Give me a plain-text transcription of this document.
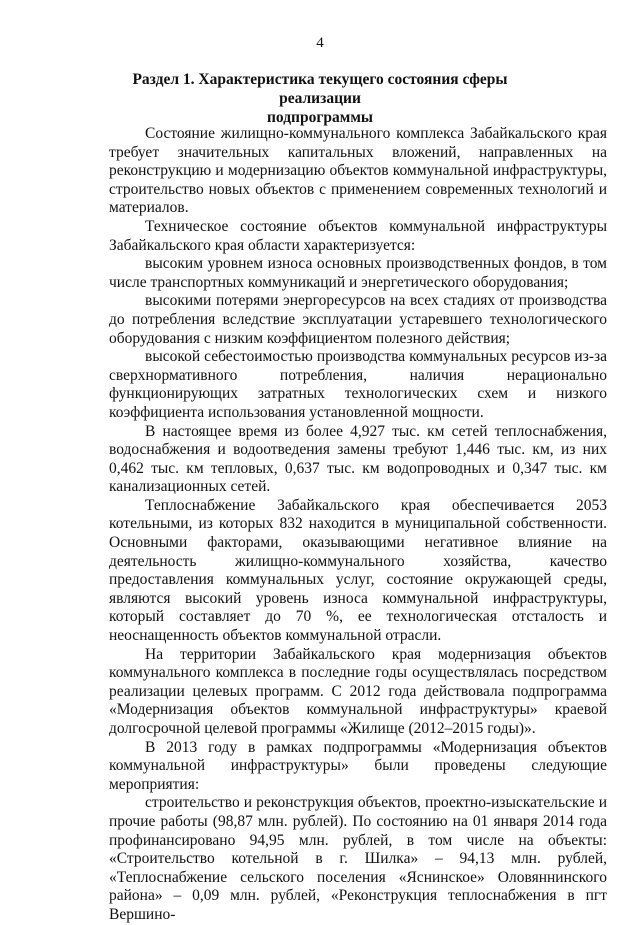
4
Раздел 1. Характеристика текущего состояния сферы реализации
подпрограммы

Состояние жилищно-коммунального комплекса Забайкальского края требует значительных капитальных вложений, направленных на реконструкцию и модернизацию объектов коммунальной инфраструктуры, строительство новых объектов с применением современных технологий и материалов.

Техническое состояние объектов коммунальной инфраструктуры Забайкальского края области характеризуется:

высоким уровнем износа основных производственных фондов, в том числе транспортных коммуникаций и энергетического оборудования;

высокими потерями энергоресурсов на всех стадиях от производства до потребления вследствие эксплуатации устаревшего технологического оборудования с низким коэффициентом полезного действия;

высокой себестоимостью производства коммунальных ресурсов из-за сверхнормативного потребления, наличия нерационально функционирующих затратных технологических схем и низкого коэффициента использования установленной мощности.

В настоящее время из более 4,927 тыс. км сетей теплоснабжения, водоснабжения и водоотведения замены требуют 1,446 тыс. км, из них 0,462 тыс. км тепловых, 0,637 тыс. км водопроводных и 0,347 тыс. км канализационных сетей.

Теплоснабжение Забайкальского края обеспечивается 2053 котельными, из которых 832 находится в муниципальной собственности. Основными факторами, оказывающими негативное влияние на деятельность жилищно-коммунального хозяйства, качество предоставления коммунальных услуг, состояние окружающей среды, являются высокий уровень износа коммунальной инфраструктуры, который составляет до 70 %, ее технологическая отсталость и неоснащенность объектов коммунальной отрасли.

На территории Забайкальского края модернизация объектов коммунального комплекса в последние годы осуществлялась посредством реализации целевых программ. С 2012 года действовала подпрограмма «Модернизация объектов коммунальной инфраструктуры» краевой долгосрочной целевой программы «Жилище (2012–2015 годы)».

В 2013 году в рамках подпрограммы «Модернизация объектов коммунальной инфраструктуры» были проведены следующие мероприятия:

строительство и реконструкция объектов, проектно-изыскательские и прочие работы (98,87 млн. рублей). По состоянию на 01 января 2014 года профинансировано 94,95 млн. рублей, в том числе на объекты: «Строительство котельной в г. Шилка» – 94,13 млн. рублей, «Теплоснабжение сельского поселения «Яснинское» Оловяннинского района» – 0,09 млн. рублей, «Реконструкция теплоснабжения в пгт Вершино-
